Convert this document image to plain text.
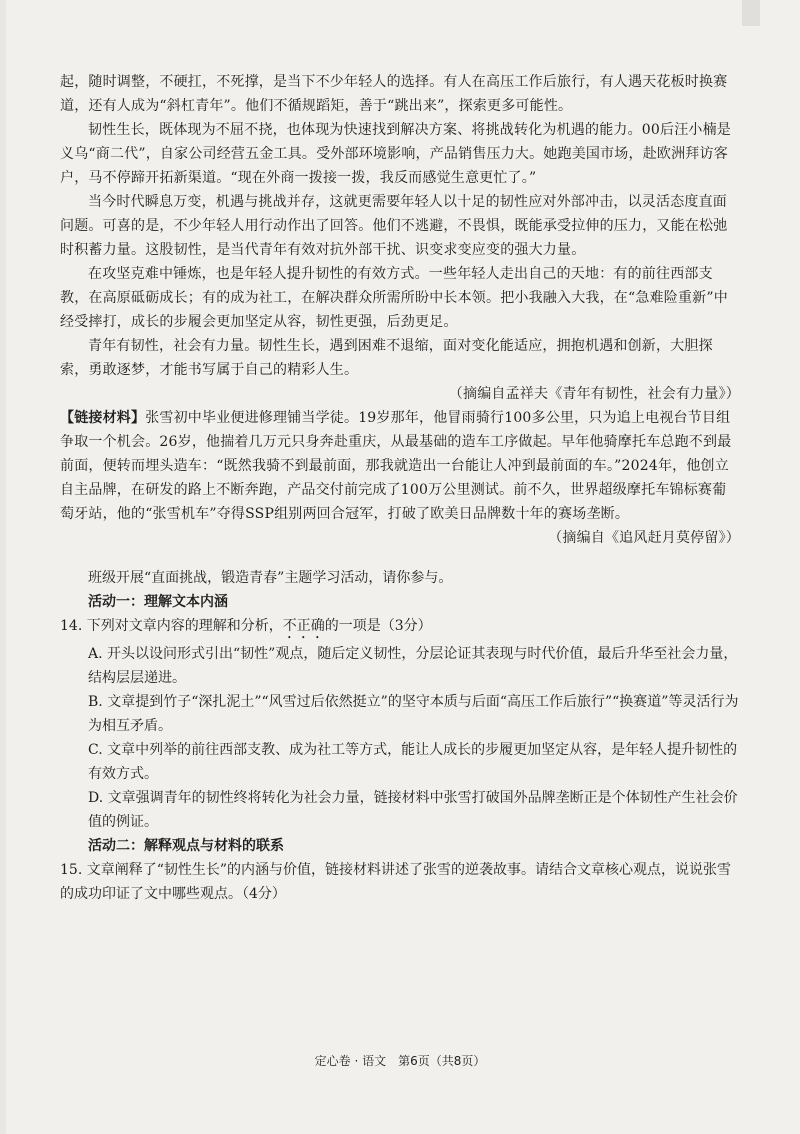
起，随时调整，不硬扛，不死撑，是当下不少年轻人的选择。有人在高压工作后旅行，有人遇天花板时换赛道，还有人成为“斜杠青年”。他们不循规蹈矩，善于“跳出来”，探索更多可能性。

韧性生长，既体现为不屈不挠，也体现为快速找到解决方案、将挑战转化为机遇的能力。00后汪小楠是义乌“商二代”，自家公司经营五金工具。受外部环境影响，产品销售压力大。她跑美国市场，赴欧洲拜访客户，马不停蹄开拓新渠道。“现在外商一拨接一拨，我反而感觉生意更忙了。”

当今时代瞬息万变，机遇与挑战并存，这就更需要年轻人以十足的韧性应对外部冲击，以灵活态度直面问题。可喜的是，不少年轻人用行动作出了回答。他们不逃避，不畏惧，既能承受拉伸的压力，又能在松弛时积蓄力量。这股韧性，是当代青年有效对抗外部干扰、识变求变应变的强大力量。

在攻坚克难中锤炼，也是年轻人提升韧性的有效方式。一些年轻人走出自己的天地：有的前往西部支教，在高原砥砺成长；有的成为社工，在解决群众所需所盼中长本领。把小我融入大我，在“急难险重新”中经受摔打，成长的步履会更加坚定从容，韧性更强，后劲更足。

青年有韧性，社会有力量。韧性生长，遇到困难不退缩，面对变化能适应，拥抱机遇和创新，大胆探索，勇敢逐梦，才能书写属于自己的精彩人生。

（摘编自孟祥夫《青年有韧性，社会有力量》）

【链接材料】张雪初中毕业便进修理铺当学徒。19岁那年，他冒雨骑行100多公里，只为追上电视台节目组争取一个机会。26岁，他揣着几万元只身奔赴重庆，从最基础的造车工序做起。早年他骑摩托车总跑不到最前面，便转而埋头造车：“既然我骑不到最前面，那我就造出一台能让人冲到最前面的车。”2024年，他创立自主品牌，在研发的路上不断奔跑，产品交付前完成了100万公里测试。前不久，世界超级摩托车锦标赛葡萄牙站，他的“张雪机车”夺得SSP组别两回合冠军，打破了欧美日品牌数十年的赛场垄断。

（摘编自《追风赶月莫停留》）

班级开展“直面挑战，锻造青春”主题学习活动，请你参与。

活动一：理解文本内涵

14. 下列对文章内容的理解和分析，不正确的一项是（3分）

A. 开头以设问形式引出“韧性”观点，随后定义韧性，分层论证其表现与时代价值，最后升华至社会力量，结构层层递进。

B. 文章提到竹子“深扎泥土”“风雪过后依然挺立”的坚守本质与后面“高压工作后旅行”“换赛道”等灵活行为为相互矛盾。

C. 文章中列举的前往西部支教、成为社工等方式，能让人成长的步履更加坚定从容，是年轻人提升韧性的有效方式。

D. 文章强调青年的韧性终将转化为社会力量，链接材料中张雪打破国外品牌垄断正是个体韧性产生社会价值的例证。

活动二：解释观点与材料的联系

15. 文章阐释了“韧性生长”的内涵与价值，链接材料讲述了张雪的逆袭故事。请结合文章核心观点，说说张雪的成功印证了文中哪些观点。（4分）

定心卷 · 语文　第6页（共8页）
